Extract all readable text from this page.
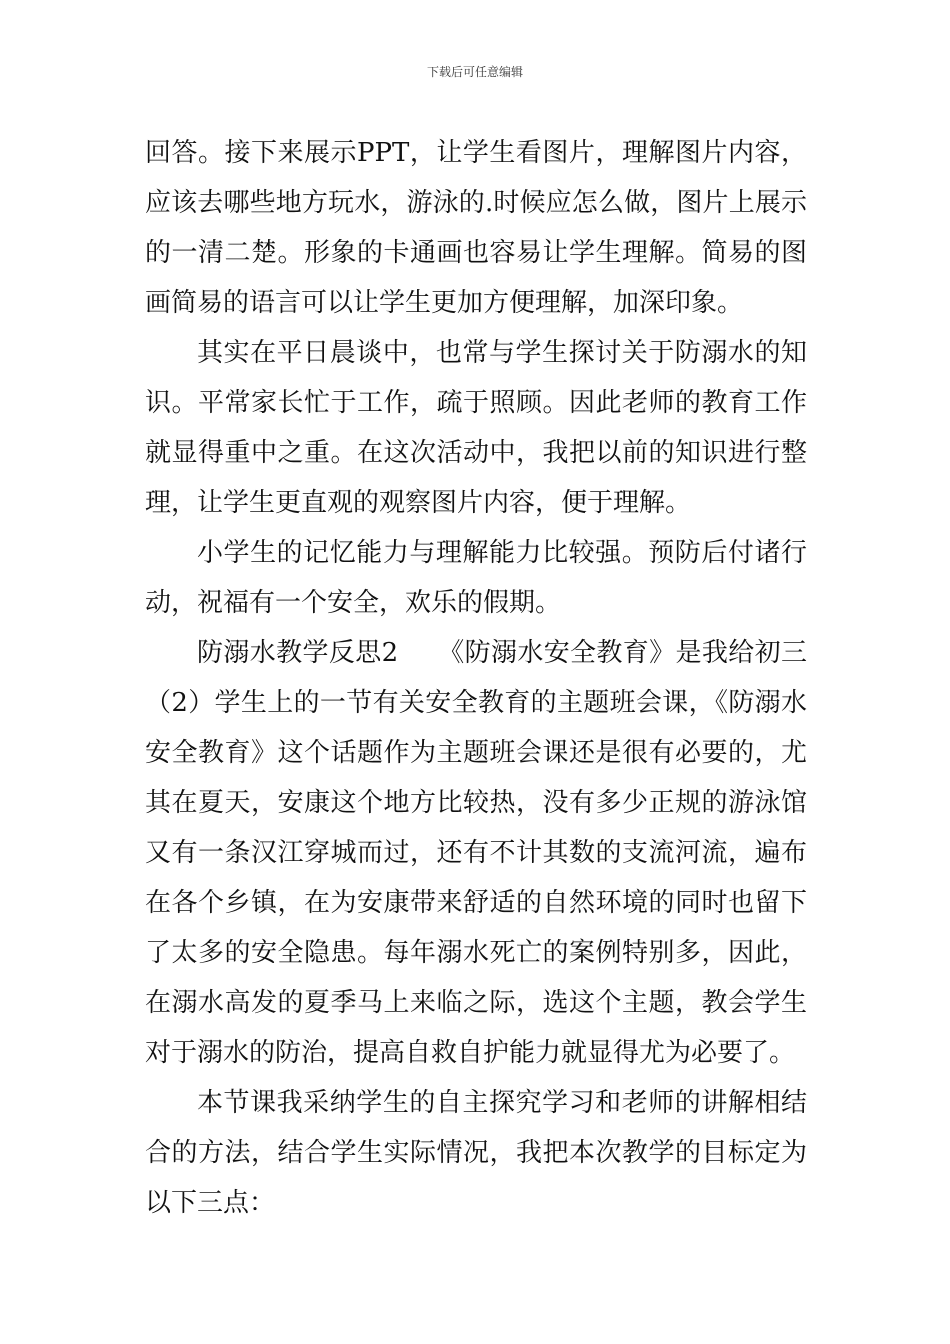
下载后可任意编辑

回答。接下来展示PPT，让学生看图片，理解图片内容，应该去哪些地方玩水，游泳的.时候应怎么做，图片上展示的一清二楚。形象的卡通画也容易让学生理解。简易的图画简易的语言可以让学生更加方便理解，加深印象。

其实在平日晨谈中，也常与学生探讨关于防溺水的知识。平常家长忙于工作，疏于照顾。因此老师的教育工作就显得重中之重。在这次活动中，我把以前的知识进行整理，让学生更直观的观察图片内容，便于理解。

小学生的记忆能力与理解能力比较强。预防后付诸行动，祝福有一个安全，欢乐的假期。

防溺水教学反思2　　《防溺水安全教育》是我给初三（2）学生上的一节有关安全教育的主题班会课，《防溺水安全教育》这个话题作为主题班会课还是很有必要的，尤其在夏天，安康这个地方比较热，没有多少正规的游泳馆又有一条汉江穿城而过，还有不计其数的支流河流，遍布在各个乡镇，在为安康带来舒适的自然环境的同时也留下了太多的安全隐患。每年溺水死亡的案例特别多，因此，在溺水高发的夏季马上来临之际，选这个主题，教会学生对于溺水的防治，提高自救自护能力就显得尤为必要了。

本节课我采纳学生的自主探究学习和老师的讲解相结合的方法，结合学生实际情况，我把本次教学的目标定为以下三点：
